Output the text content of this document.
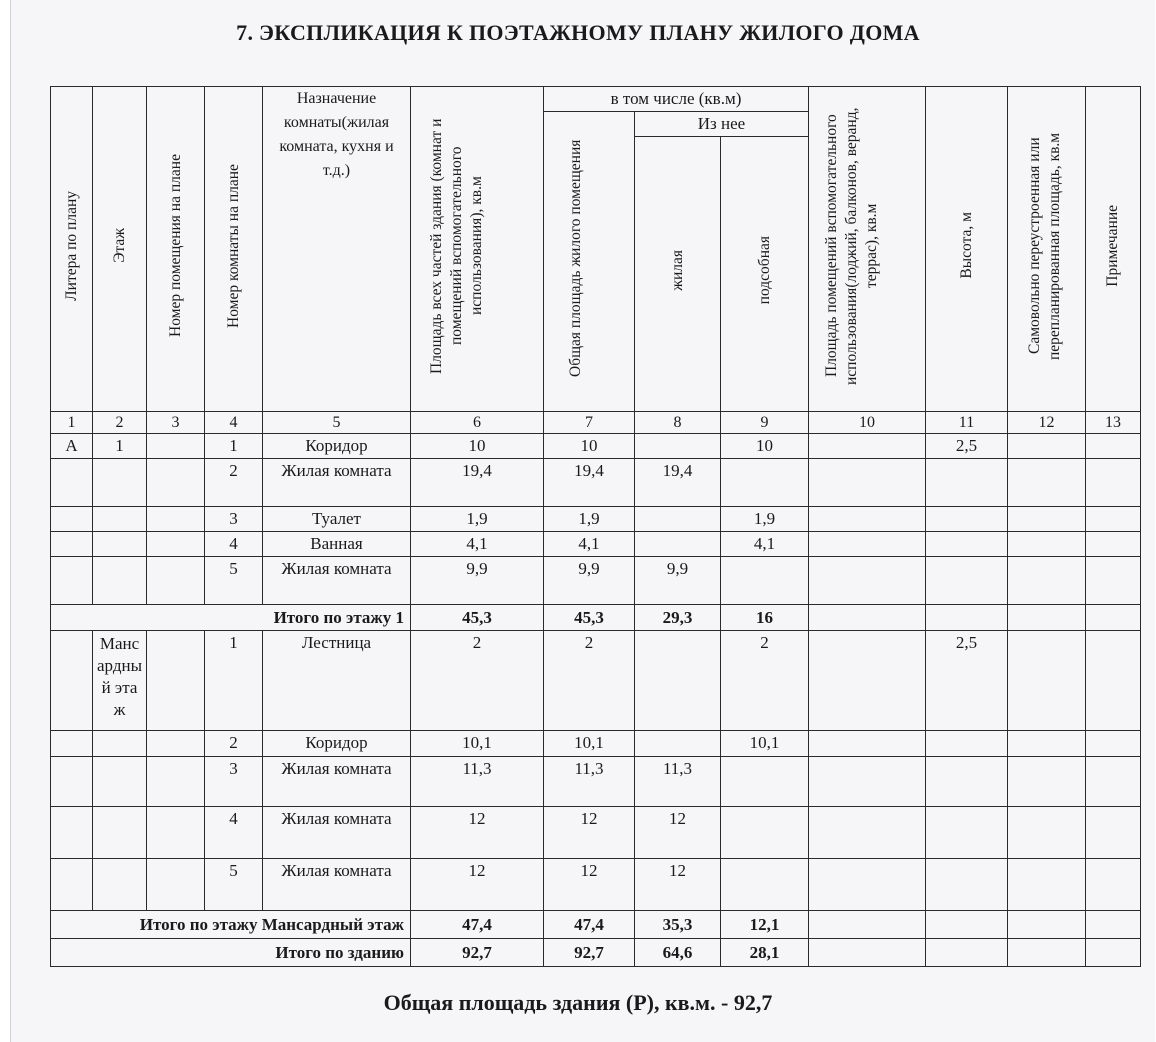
7. ЭКСПЛИКАЦИЯ К ПОЭТАЖНОМУ ПЛАНУ ЖИЛОГО ДОМА
Литера по плану	Этаж	Номер помещения на плане	Номер комнаты на плане	Назначение комнаты(жилая комната, кухня и т.д.)	Площадь всех частей здания (комнат и помещений вспомогательного использования), кв.м	в том числе (кв.м)			Площадь помещений вспомогательного использования(лоджий, балконов, веранд, террас), кв.м	Высота, м	Самовольно переустроенная или перепланированная площадь, кв.м	Примечание
						Общая площадь жилого помещения	Из нее					
							жилая	подсобная				
1	2	3	4	5	6	7	8	9	10	11	12	13
А	1		1	Коридор	10	10		10		2,5		
			2	Жилая комната	19,4	19,4	19,4					
			3	Туалет	1,9	1,9		1,9				
			4	Ванная	4,1	4,1		4,1				
			5	Жилая комната	9,9	9,9	9,9					
Итого по этажу 1					45,3	45,3	29,3	16				

	Мансардный этаж		1	Лестница	2	2		2		2,5		
			2	Коридор	10,1	10,1		10,1				
			3	Жилая комната	11,3	11,3	11,3					
			4	Жилая комната	12	12	12					
			5	Жилая комната	12	12	12					
Итого по этажу Мансардный этаж					47,4	47,4	35,3	12,1				
Итого по зданию					92,7	92,7	64,6	28,1				
Общая площадь здания (Р), кв.м. - 92,7
